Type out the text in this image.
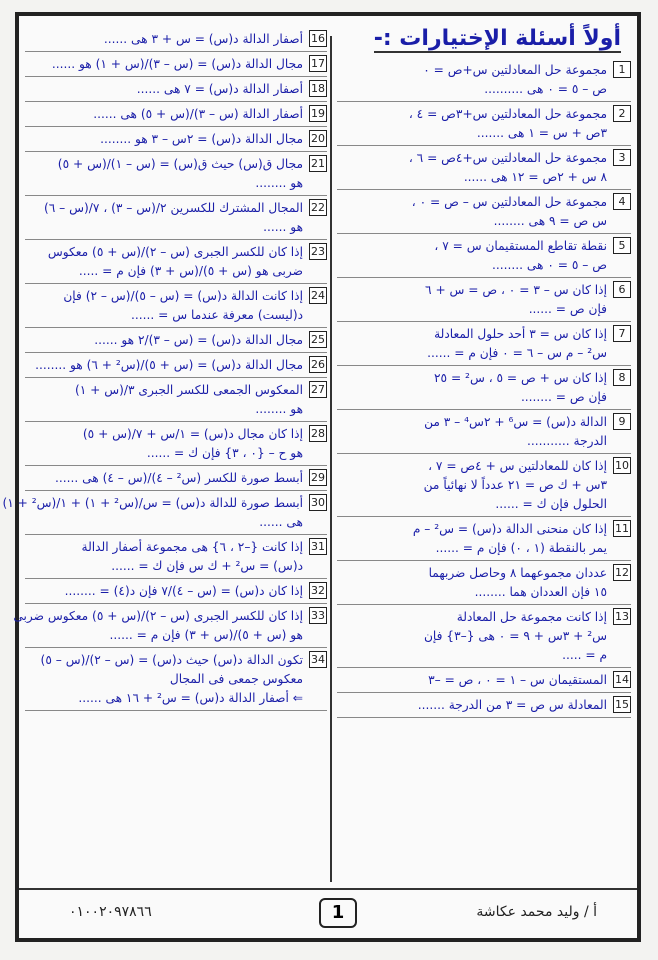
أولاً أسئلة الإختيارات :-
1
مجموعة حل المعادلتين س+ص = ٠
ص – ٥ = ٠ هى ..........
2
مجموعة حل المعادلتين س+٣ص = ٤ ،
٣ص + س = ١ هى .......
3
مجموعة حل المعادلتين س+٤ص = ٦ ،
٨ س + ٢ص = ١٢ هى ......
4
مجموعة حل المعادلتين س – ص = ٠ ،
س ص = ٩ هى ........
5
نقطة تقاطع المستقيمان س = ٧ ،
ص – ٥ = ٠ هى ........
6
إذا كان س – ٣ = ٠ ، ص = س + ٦
فإن ص = ......
7
إذا كان س = ٣ أحد حلول المعادلة
س² – م س – ٦ = ٠ فإن م = ......
8
إذا كان س + ص = ٥ ، س² = ٢٥
فإن ص = ........
9
الدالة د(س) = س⁶ + ٢س⁴ – ٣ من
الدرجة ...........
10
إذا كان للمعادلتين س + ٤ص = ٧ ،
٣س + ك ص = ٢١ عدداً لا نهائياً من
الحلول فإن ك = ......
11
إذا كان منحنى الدالة د(س) = س² – م
يمر بالنقطة (١ ، ٠) فإن م = ......
12
عددان مجموعهما ٨ وحاصل ضربهما
١٥ فإن العددان هما ........
13
إذا كانت مجموعة حل المعادلة
س² + ٣س + ٩ = ٠ هى {–٣} فإن
م = .....
14
المستقيمان س – ١ = ٠ ، ص = –٣
15
المعادلة س ص = ٣ من الدرجة .......
16
أصفار الدالة د(س) = س + ٣ هى ......
17
مجال الدالة د(س) = (س – ٣)/(س + ١) هو ......
18
أصفار الدالة د(س) = ٧ هى ......
19
أصفار الدالة (س – ٣)/(س + ٥) هى ......
20
مجال الدالة د(س) = ٢س – ٣ هو ........
21
مجال ق(س) حيث ق(س) = (س – ١)/(س + ٥)
هو ........
22
المجال المشترك للكسرين ٢/(س – ٣) ، ٧/(س – ٦)
هو ......
23
إذا كان للكسر الجبرى (س – ٢)/(س + ٥) معكوس
ضربى هو (س + ٥)/(س + ٣) فإن م = .....
24
إذا كانت الدالة د(س) = (س – ٥)/(س – ٢) فإن
د(ليست) معرفة عندما س = ......
25
مجال الدالة د(س) = (س – ٣)/٢ هو ......
26
مجال الدالة د(س) = (س + ٥)/(س² + ٦) هو ........
27
المعكوس الجمعى للكسر الجبرى ٣/(س + ١)
هو ........
28
إذا كان مجال د(س) = ١/س + ٧/(س + ٥)
هو ح – {٠ ، ٣} فإن ك = ......
29
أبسط صورة للكسر (س² – ٤)/(س – ٤) هى ......
30
أبسط صورة للدالة د(س) = س/(س² + ١) + ١/(س² + ١)
هى ......
31
إذا كانت {–٢ ، ٦} هى مجموعة أصفار الدالة
د(س) = س² + ك س فإن ك = ......
32
إذا كان د(س) = (س – ٤)/٧ فإن د(٤) = ........
33
إذا كان للكسر الجبرى (س – ٢)/(س + ٥) معكوس ضربى
هو (س + ٥)/(س + ٣) فإن م = ......
34
تكون الدالة د(س) حيث د(س) = (س – ٢)/(س – ٥)
معكوس جمعى فى المجال
⇐ أصفار الدالة د(س) = س² + ١٦ هى ......
٠١٠٠٢٠٩٧٨٦٦	1	أ / وليد محمد عكاشة
